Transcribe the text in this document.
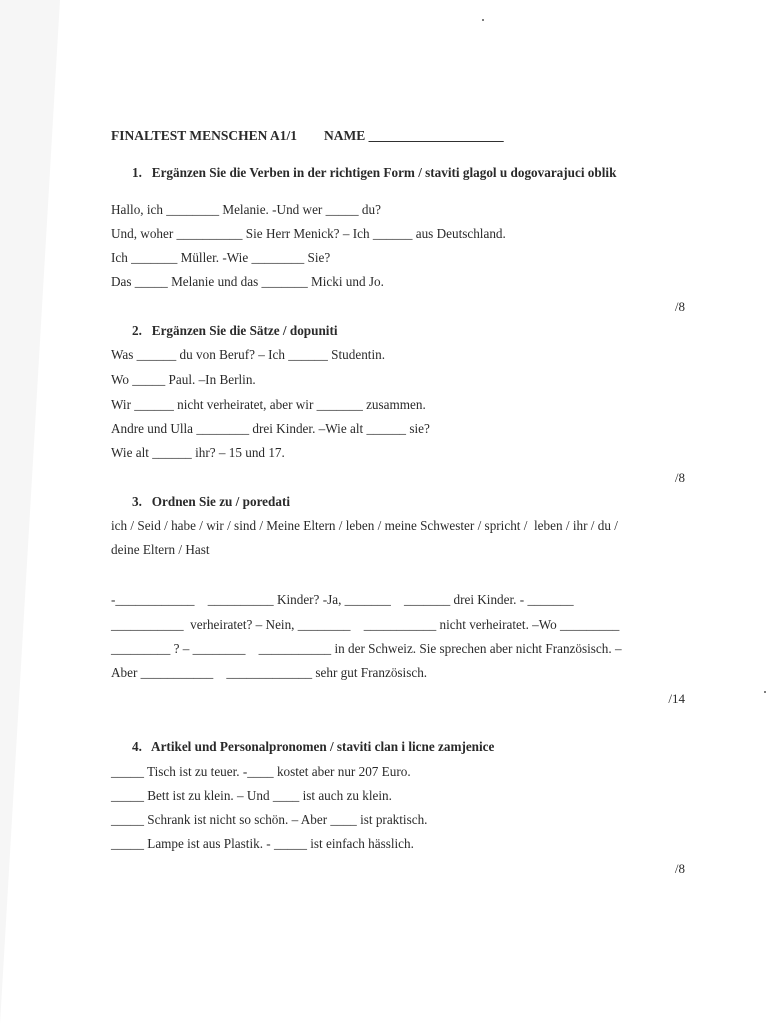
FINALTEST MENSCHEN A1/1        NAME ____________________
1.   Ergänzen Sie die Verben in der richtigen Form / staviti glagol u dogovarajuci oblik
Hallo, ich ________ Melanie. -Und wer _____ du?
Und, woher __________ Sie Herr Menick? – Ich ______ aus Deutschland.
Ich _______ Müller. -Wie ________ Sie?
Das _____ Melanie und das _______ Micki und Jo.
/8
2.   Ergänzen Sie die Sätze / dopuniti
Was ______ du von Beruf? – Ich ______ Studentin.
Wo _____ Paul. –In Berlin.
Wir ______ nicht verheiratet, aber wir _______ zusammen.
Andre und Ulla ________ drei Kinder. –Wie alt ______ sie?
Wie alt ______ ihr? – 15 und 17.
/8
3.   Ordnen Sie zu / poredati
ich / Seid / habe / wir / sind / Meine Eltern / leben / meine Schwester / spricht /  leben / ihr / du /
deine Eltern / Hast
-____________    __________ Kinder? -Ja, _______    _______ drei Kinder. - _______
___________  verheiratet? – Nein, ________    ___________ nicht verheiratet. –Wo _________
_________ ? – ________    ___________ in der Schweiz. Sie sprechen aber nicht Französisch. –
Aber ___________    _____________ sehr gut Französisch.
/14
4.   Artikel und Personalpronomen / staviti clan i licne zamjenice
_____ Tisch ist zu teuer. -____ kostet aber nur 207 Euro.
_____ Bett ist zu klein. – Und ____ ist auch zu klein.
_____ Schrank ist nicht so schön. – Aber ____ ist praktisch.
_____ Lampe ist aus Plastik. - _____ ist einfach hässlich.
/8
